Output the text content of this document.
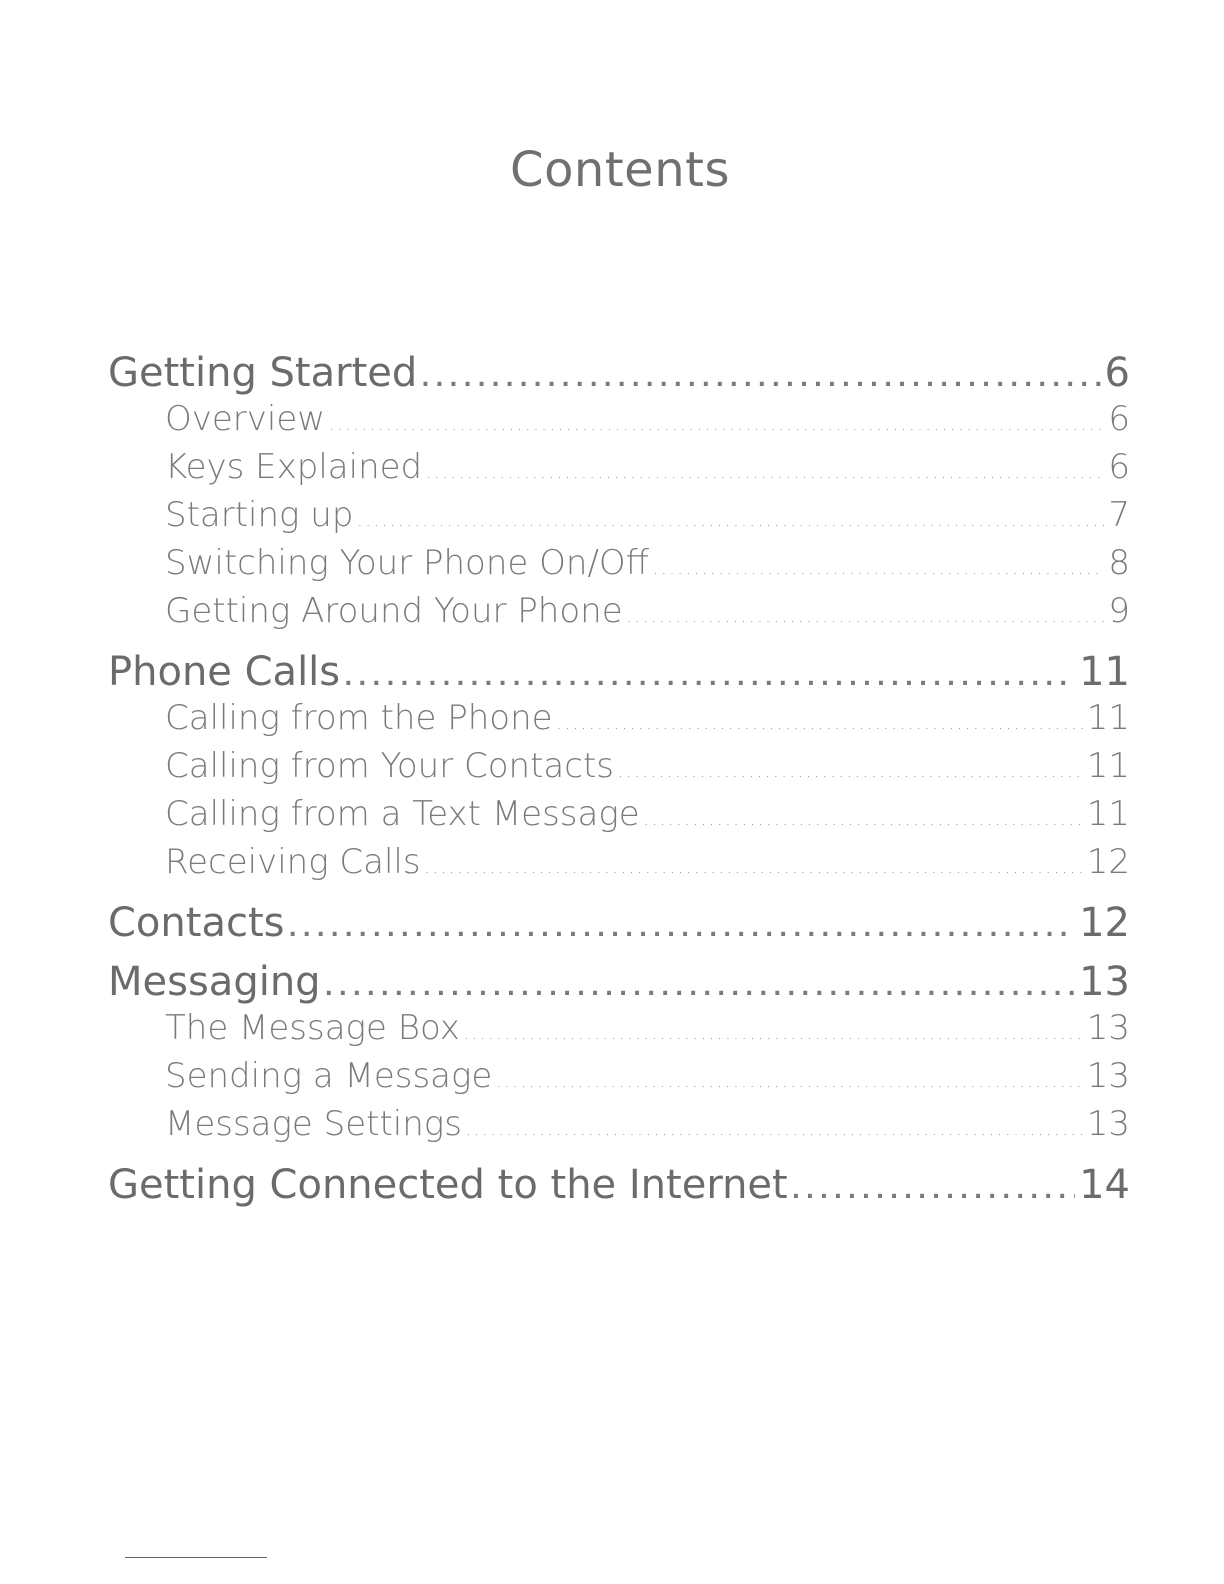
Contents
Getting Started . . .	6
Overview . . .	6
Keys Explained . . .	6
Starting up . . .	7
Switching Your Phone On/Off . . .	8
Getting Around Your Phone . . .	9
Phone Calls . . .	11
Calling from the Phone . . .	11
Calling from Your Contacts . . .	11
Calling from a Text Message . . .	11
Receiving Calls . . .	12
Contacts . . .	12
Messaging . . .	13
The Message Box . . .	13
Sending a Message . . .	13
Message Settings . . .	13
Getting Connected to the Internet . . .	14
